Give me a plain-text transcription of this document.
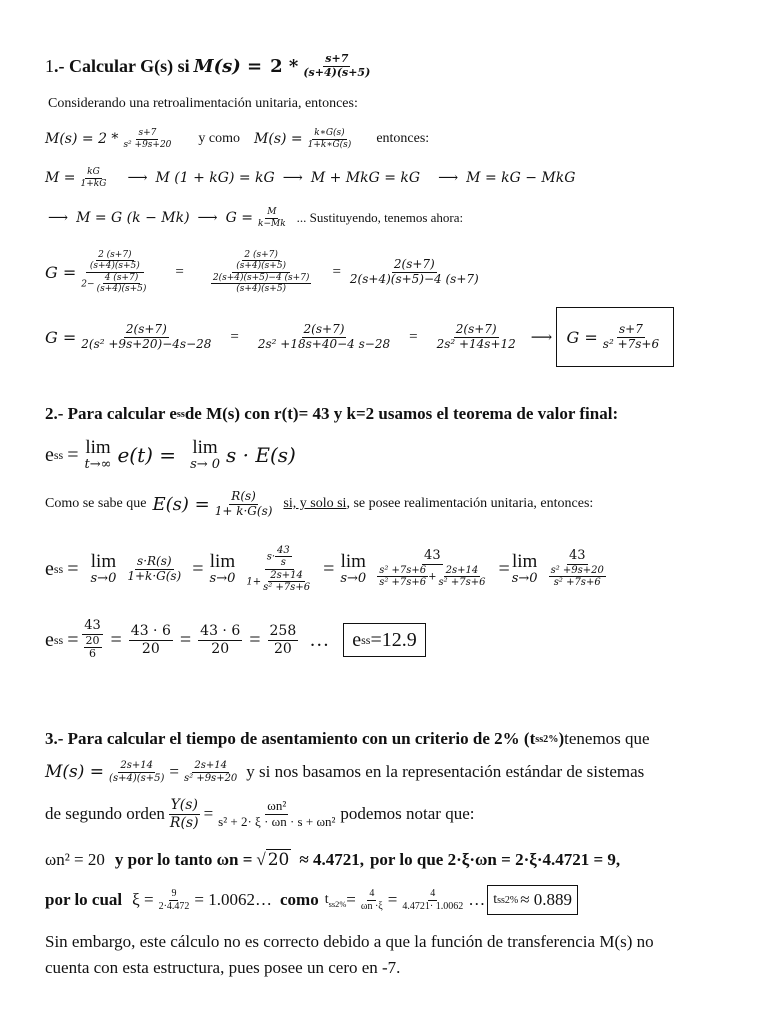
1 .- Calcular G(s) si $M(s) = 2 * \frac{s+7}{(s+4)(s+5)}$
Considerando una retroalimentación unitaria, entonces:
$M(s) = 2 * \frac{s+7}{\text{s² +9s+20}}$ y como $M(s) = \frac{k∗G(s)}{1+k∗G(s)}$ entonces:
$M = \frac{kG}{1+kG}$ ⟶ M (1 + kG) = kG ⟶ M + MkG = kG ⟶ M = kG − MkG
⟶ M = G (k − Mk) ⟶ $G = \frac{M}{k-Mk}$ ... Sustituyendo, tenemos ahora:
$G = \frac{\frac{2 (s+7)}{(s+4)(s+5)}}{2- \frac{4 (s+7)}{(s+4)(s+5)}}$ =	$\frac{\frac{2 (s+7)}{(s+4)(s+5)}}{\frac{2(s+4)(s+5)-4 (s+7)}{(s+4)(s+5)}} = \frac{2(s+7)}{2(s+4)(s+5)-4 (s+7)}$
$G = \frac{2(s+7)}{\text{2(s² +9s+20)−4s−28}} = \frac{2(s+7)}{\text{2s² +18s+40−4 s−28}} = \frac{2(s+7)}{\text{2s² +14s+12}}$ ⟶ $G = \frac{s+7}{\text{s² +7s+6}}$
2.- Para calcular e ss de M(s) con r(t)= 43 y k=2 usamos el teorema de valor final:
e ss = lim
t→∞ e(t) = lim
s→ 0 s · E(s)
Como se sabe que $E(s) = \frac{R(s)}{1+ k\cdot G(s)}$ si, y solo si , se posee realimentación unitaria, entonces:
e ss = lim
$s\to 0 \frac{s\cdot R(s)}{1+k\cdot G(s)} = \lim$
$s\to 0 \frac{s\cdot \frac{43}{s}}{1+ \frac{2s+14}{\text{s² +7s+6}}} = \lim$
$s\to 0 \frac{43}{\frac{\text{s² +7s+6}}{\text{s² +7s+6}} + \frac{2s+14}{\text{s² +7s+6}}} = \lim$
$s\to 0 \frac{43}{\frac{\text{s² +9s+20}}{\text{s² +7s+6}}}$
e ss = $\frac{43}{\frac{20}{6}} = \frac{43 \cdot 6}{20} = \frac{43 \cdot 6}{20} = \frac{258}{20}$ … e ss =12.9
3.- Para calcular el tiempo de asentamiento con un criterio de 2% (t ss2% ) tenemos que
$M(s) = \frac{2s+14}{(s+4)(s+5)} = \frac{2s+14}{\text{s² +9s+20}}$ y si nos basamos en la representación estándar de sistemas
de segundo orden $\frac{Y(s)}{R(s)} = \frac{\text{ωn²}}{\text{s² + 2· ξ · ωn · s + ωn²}}$ podemos notar que:
ωn² = 20 y por lo tanto ωn = √ 20 ≈ 4.4721, por lo que 2·ξ·ωn = 2·ξ·4.4721 = 9,
por lo cual $\xi = \frac{9}{2\cdot 4.472}$ = 1.0062… como $t_{ss2\%} = \frac{4}{\omega n \cdot\xi} = \frac{4}{4.4721\cdot 1.0062}$ … t ss2% ≈ 0.889
Sin embargo, este cálculo no es correcto debido a que la función de transferencia M(s) no
cuenta con esta estructura, pues posee un cero en -7.
